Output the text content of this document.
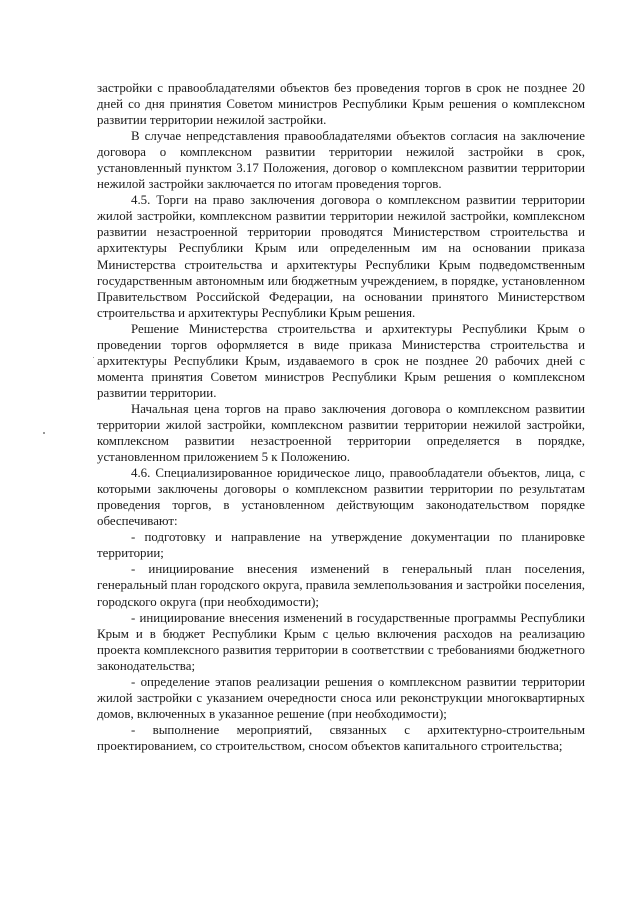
застройки с правообладателями объектов без проведения торгов в срок не позднее 20 дней со дня принятия Советом министров Республики Крым решения о комплексном развитии территории нежилой застройки.

В случае непредставления правообладателями объектов согласия на заключение договора о комплексном развитии территории нежилой застройки в срок, установленный пунктом 3.17 Положения, договор о комплексном развитии территории нежилой застройки заключается по итогам проведения торгов.

4.5. Торги на право заключения договора о комплексном развитии территории жилой застройки, комплексном развитии территории нежилой застройки, комплексном развитии незастроенной территории проводятся Министерством строительства и архитектуры Республики Крым или определенным им на основании приказа Министерства строительства и архитектуры Республики Крым подведомственным государственным автономным или бюджетным учреждением, в порядке, установленном Правительством Российской Федерации, на основании принятого Министерством строительства и архитектуры Республики Крым решения.

Решение Министерства строительства и архитектуры Республики Крым о проведении торгов оформляется в виде приказа Министерства строительства и архитектуры Республики Крым, издаваемого в срок не позднее 20 рабочих дней с момента принятия Советом министров Республики Крым решения о комплексном развитии территории.

Начальная цена торгов на право заключения договора о комплексном развитии территории жилой застройки, комплексном развитии территории нежилой застройки, комплексном развитии незастроенной территории определяется в порядке, установленном приложением 5 к Положению.

4.6. Специализированное юридическое лицо, правообладатели объектов, лица, с которыми заключены договоры о комплексном развитии территории по результатам проведения торгов, в установленном действующим законодательством порядке обеспечивают:

- подготовку и направление на утверждение документации по планировке территории;

- инициирование внесения изменений в генеральный план поселения, генеральный план городского округа, правила землепользования и застройки поселения, городского округа (при необходимости);

- инициирование внесения изменений в государственные программы Республики Крым и в бюджет Республики Крым с целью включения расходов на реализацию проекта комплексного развития территории в соответствии с требованиями бюджетного законодательства;

- определение этапов реализации решения о комплексном развитии территории жилой застройки с указанием очередности сноса или реконструкции многоквартирных домов, включенных в указанное решение (при необходимости);

- выполнение мероприятий, связанных с архитектурно-строительным проектированием, со строительством, сносом объектов капитального строительства;
